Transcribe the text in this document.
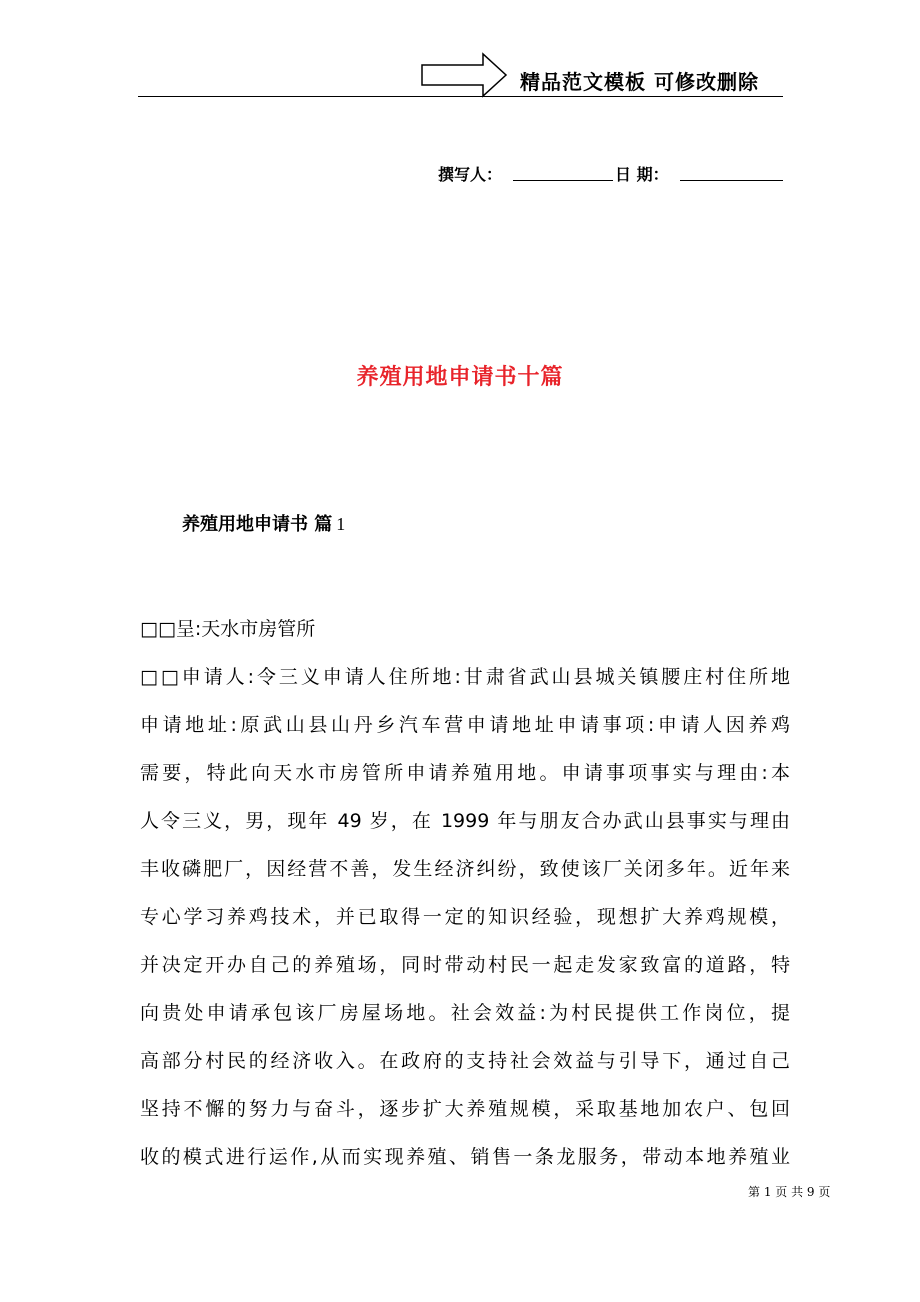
精品范文模板 可修改删除
撰写人：	日 期：
养殖用地申请书十篇
养殖用地申请书 篇 1
□□呈:天水市房管所
□□申请人:令三义申请人住所地:甘肃省武山县城关镇腰庄村住所地
申请地址:原武山县山丹乡汽车营申请地址申请事项:申请人因养鸡
需要，特此向天水市房管所申请养殖用地。申请事项事实与理由:本
人令三义，男，现年 49 岁，在 1999 年与朋友合办武山县事实与理由
丰收磷肥厂，因经营不善，发生经济纠纷，致使该厂关闭多年。近年来
专心学习养鸡技术，并已取得一定的知识经验，现想扩大养鸡规模，
并决定开办自己的养殖场，同时带动村民一起走发家致富的道路，特
向贵处申请承包该厂房屋场地。社会效益:为村民提供工作岗位，提
高部分村民的经济收入。在政府的支持社会效益与引导下，通过自己
坚持不懈的努力与奋斗，逐步扩大养殖规模，采取基地加农户、包回
收的模式进行运作,从而实现养殖、销售一条龙服务，带动本地养殖业
第 1 页 共 9 页
